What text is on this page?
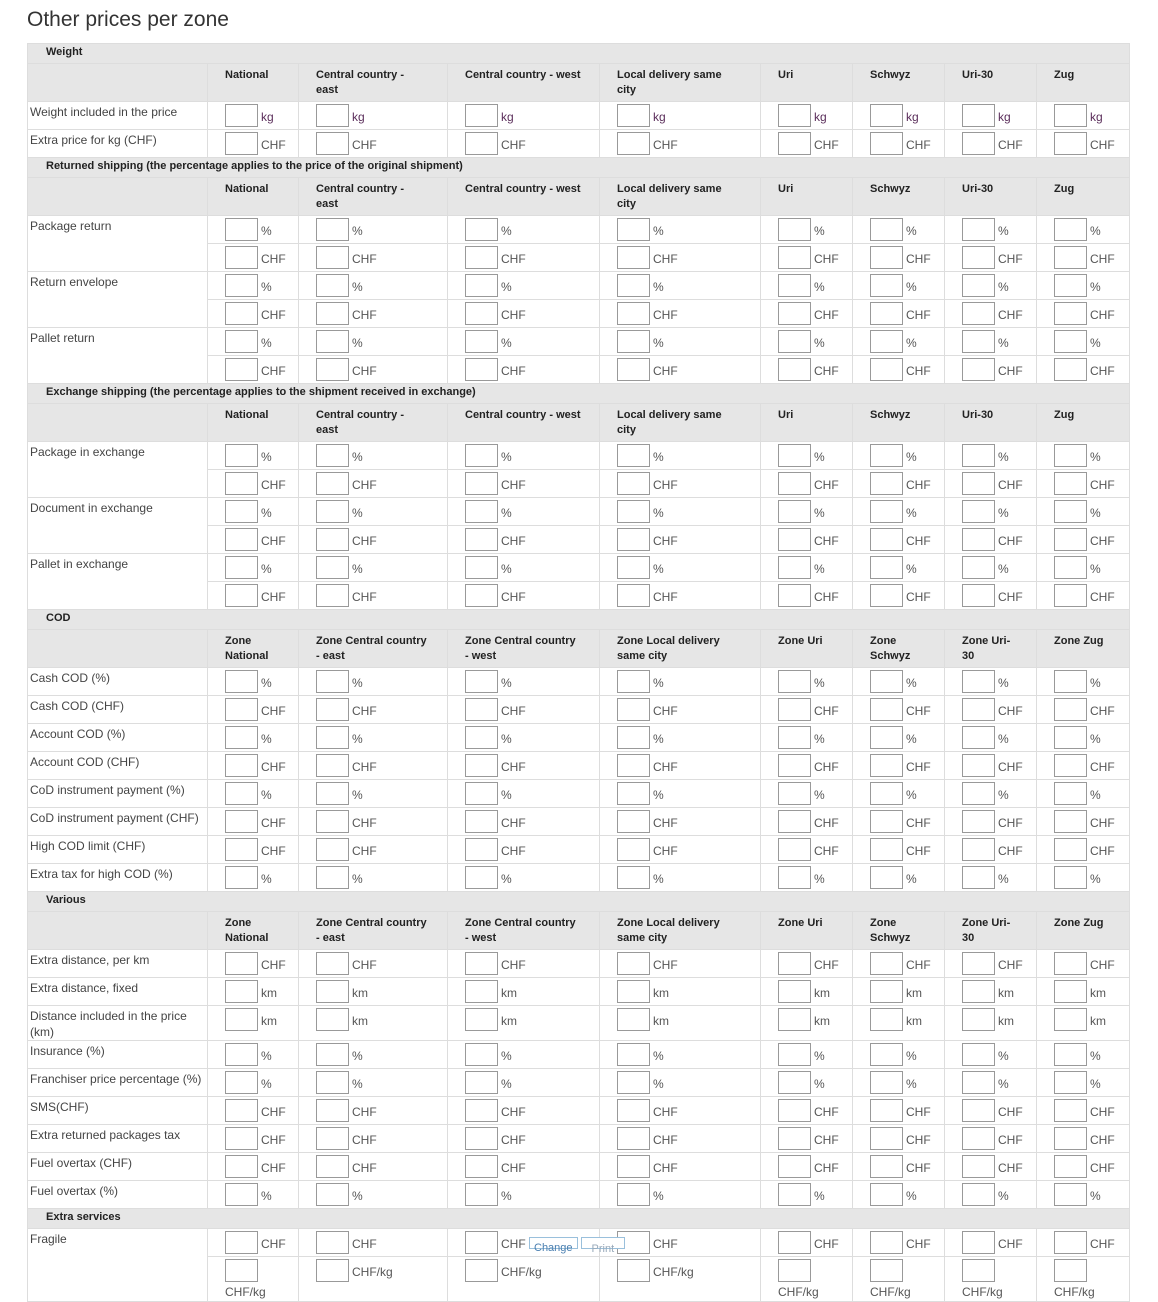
Other prices per zone
Weight								
	National	Central country - east	Central country - west	Local delivery same city	Uri	Schwyz	Uri-30	Zug
Weight included in the price	kg	kg	kg	kg	kg	kg	kg	kg
Extra price for kg (CHF)	CHF	CHF	CHF	CHF	CHF	CHF	CHF	CHF
Returned shipping (the percentage applies to the price of the original shipment)								
	National	Central country - east	Central country - west	Local delivery same city	Uri	Schwyz	Uri-30	Zug
Package return	%	%	%	%	%	%	%	%
	CHF	CHF	CHF	CHF	CHF	CHF	CHF	CHF
Return envelope	%	%	%	%	%	%	%	%
	CHF	CHF	CHF	CHF	CHF	CHF	CHF	CHF
Pallet return	%	%	%	%	%	%	%	%
	CHF	CHF	CHF	CHF	CHF	CHF	CHF	CHF
Exchange shipping (the percentage applies to the shipment received in exchange)								
	National	Central country - east	Central country - west	Local delivery same city	Uri	Schwyz	Uri-30	Zug
Package in exchange	%	%	%	%	%	%	%	%
	CHF	CHF	CHF	CHF	CHF	CHF	CHF	CHF
Document in exchange	%	%	%	%	%	%	%	%
	CHF	CHF	CHF	CHF	CHF	CHF	CHF	CHF
Pallet in exchange	%	%	%	%	%	%	%	%
	CHF	CHF	CHF	CHF	CHF	CHF	CHF	CHF
COD								
	Zone National	Zone Central country - east	Zone Central country - west	Zone Local delivery same city	Zone Uri	Zone Schwyz	Zone Uri-30	Zone Zug
Cash COD (%)	%	%	%	%	%	%	%	%
Cash COD (CHF)	CHF	CHF	CHF	CHF	CHF	CHF	CHF	CHF
Account COD (%)	%	%	%	%	%	%	%	%
Account COD (CHF)	CHF	CHF	CHF	CHF	CHF	CHF	CHF	CHF
CoD instrument payment (%)	%	%	%	%	%	%	%	%
CoD instrument payment (CHF)	CHF	CHF	CHF	CHF	CHF	CHF	CHF	CHF
High COD limit (CHF)	CHF	CHF	CHF	CHF	CHF	CHF	CHF	CHF
Extra tax for high COD (%)	%	%	%	%	%	%	%	%
Various								
	Zone National	Zone Central country - east	Zone Central country - west	Zone Local delivery same city	Zone Uri	Zone Schwyz	Zone Uri-30	Zone Zug
Extra distance, per km	CHF	CHF	CHF	CHF	CHF	CHF	CHF	CHF
Extra distance, fixed	km	km	km	km	km	km	km	km
Distance included in the price (km)	km	km	km	km	km	km	km	km
Insurance (%)	%	%	%	%	%	%	%	%
Franchiser price percentage (%)	%	%	%	%	%	%	%	%
SMS(CHF)	CHF	CHF	CHF	CHF	CHF	CHF	CHF	CHF
Extra returned packages tax	CHF	CHF	CHF	CHF	CHF	CHF	CHF	CHF
Fuel overtax (CHF)	CHF	CHF	CHF	CHF	CHF	CHF	CHF	CHF
Fuel overtax (%)	%	%	%	%	%	%	%	%
Extra services								
Fragile	CHF	CHF	CHF	CHF	CHF	CHF	CHF	CHF

	CHF/kg	CHF/kg	CHF/kg	CHF/kg	CHF/kg	CHF/kg	CHF/kg	CHF/kg
Change	Print
